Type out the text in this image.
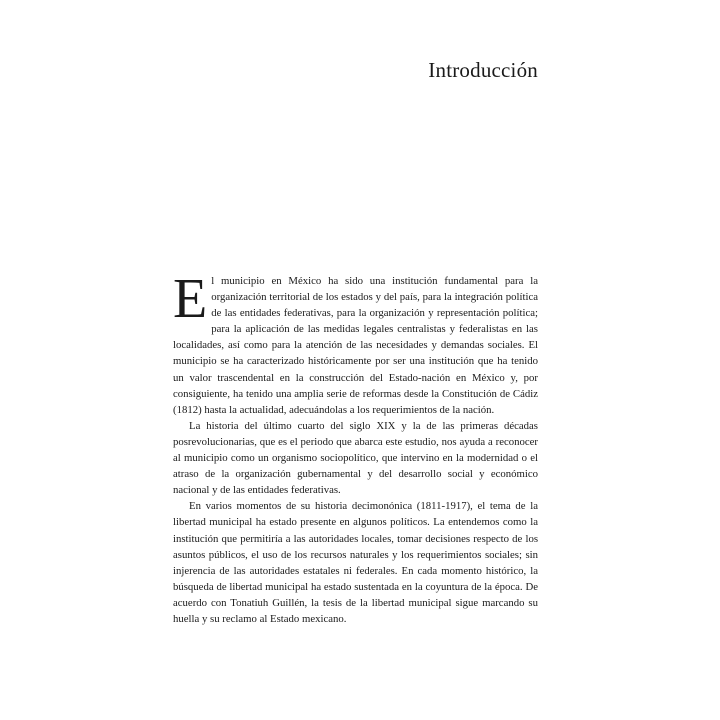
Introducción

El municipio en México ha sido una institución fundamental para la organización territorial de los estados y del país, para la integración política de las entidades federativas, para la organización y representación política; para la aplicación de las medidas legales centralistas y federalistas en las localidades, así como para la atención de las necesidades y demandas sociales. El municipio se ha caracterizado históricamente por ser una institución que ha tenido un valor trascendental en la construcción del Estado-nación en México y, por consiguiente, ha tenido una amplia serie de reformas desde la Constitución de Cádiz (1812) hasta la actualidad, adecuándolas a los requerimientos de la nación.

La historia del último cuarto del siglo XIX y la de las primeras décadas posrevolucionarias, que es el periodo que abarca este estudio, nos ayuda a reconocer al municipio como un organismo sociopolítico, que intervino en la modernidad o el atraso de la organización gubernamental y del desarrollo social y económico nacional y de las entidades federativas.

En varios momentos de su historia decimonónica (1811-1917), el tema de la libertad municipal ha estado presente en algunos políticos. La entendemos como la institución que permitiría a las autoridades locales, tomar decisiones respecto de los asuntos públicos, el uso de los recursos naturales y los requerimientos sociales; sin injerencia de las autoridades estatales ni federales. En cada momento histórico, la búsqueda de libertad municipal ha estado sustentada en la coyuntura de la época. De acuerdo con Tonatiuh Guillén, la tesis de la libertad municipal sigue marcando su huella y su reclamo al Estado mexicano.
